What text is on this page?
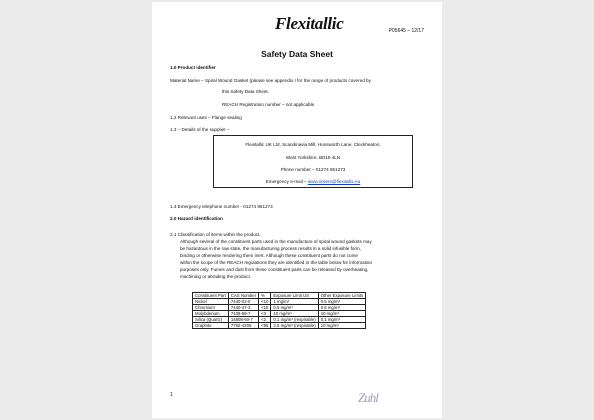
Flexitallic	P05645 – 12/17
Safety Data Sheet
1.0 Product identifier
Material Name – Spiral Wound Gasket (please see appendix I for the range of products covered by
this Safety Data Sheet.
REACH Registration number – not applicable
1.2 Relevant uses – Flange sealing
1.3 – Details of the supplier –
Flexitallic UK Ltd, Scandinavia Mill, Hunsworth Lane, Cleckheaton,
West Yorkshire, BD19 4LN
Phone number – 01274 851273
Emergency e-mail – www.orders@flexitallic.eu
1.4 Emergency telephone number - 01274 851273
2.0 Hazard identification
2.1 Classification of items within the product.
Although several of the constituent parts used in the manufacture of spiral wound gaskets may
be hazardous in the raw state, the manufacturing process results in a solid infusible form,
binding or otherwise rendering them inert. Although these constituent parts do not come
within the scope of the REACH regulations they are identified in the table below for information
purposes only. Fumes and dust from these constituent parts can be released by overheating,
machining or abrading the product.
Constituent Part	CAS Number	%	Exposure Limit US	Other Exposure Limits
Nickel	7440-02-0	<10	1 mg/m³	0.5 mg/m³
Chromium	7440-47-3	<15	0.5 mg/m³	0.5 mg/m³
Molybdenum	7439-98-7	<3	10 mg/m³	10 mg/m³
Silica (Quartz)	14808-60-7	<2	0.1 mg/m³ (respirable)	0.1 mg/m³
Graphite	7782-4205	<95	2.5 mg/m³ (respirable)	10 mg/m³
1	Zuhl
